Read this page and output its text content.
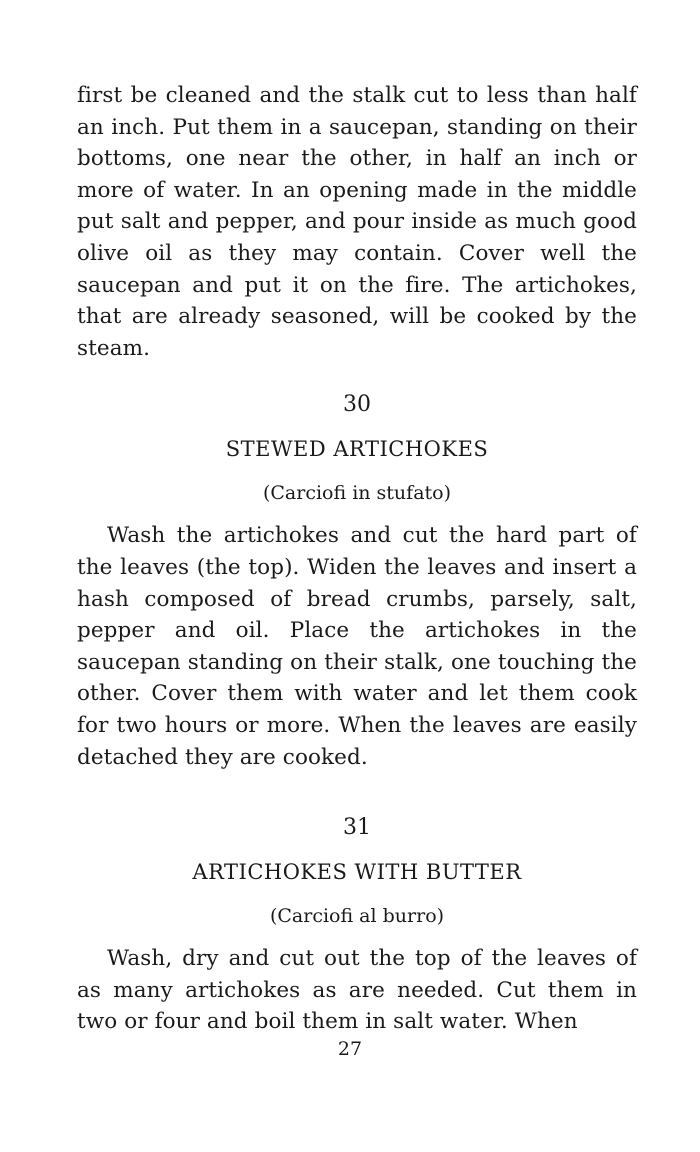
first be cleaned and the stalk cut to less than half an inch. Put them in a saucepan, standing on their bottoms, one near the other, in half an inch or more of water. In an opening made in the middle put salt and pepper, and pour inside as much good olive oil as they may contain. Cover well the saucepan and put it on the fire. The artichokes, that are already seasoned, will be cooked by the steam.

30

STEWED ARTICHOKES

(Carciofi in stufato)

Wash the artichokes and cut the hard part of the leaves (the top). Widen the leaves and insert a hash composed of bread crumbs, parsely, salt, pepper and oil. Place the artichokes in the saucepan standing on their stalk, one touching the other. Cover them with water and let them cook for two hours or more. When the leaves are easily detached they are cooked.

31

ARTICHOKES WITH BUTTER

(Carciofi al burro)

Wash, dry and cut out the top of the leaves of as many artichokes as are needed. Cut them in two or four and boil them in salt water. When

27
